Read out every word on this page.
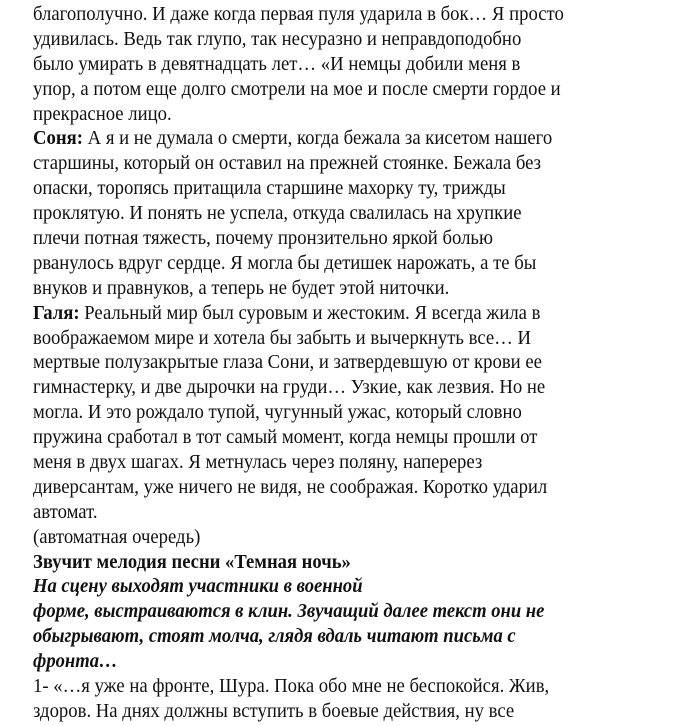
благополучно. И даже когда первая пуля ударила в бок… Я просто
удивилась. Ведь так глупо, так несуразно и неправдоподобно
было умирать в девятнадцать лет… «И немцы добили меня в
упор, а потом еще долго смотрели на мое и после смерти гордое и
прекрасное лицо.
Соня: А я и не думала о смерти, когда бежала за кисетом нашего
старшины, который он оставил на прежней стоянке. Бежала без
опаски, торопясь притащила старшине махорку ту, трижды
проклятую. И понять не успела, откуда свалилась на хрупкие
плечи потная тяжесть, почему пронзительно яркой болью
рванулось вдруг сердце. Я могла бы детишек нарожать, а те бы
внуков и правнуков, а теперь не будет этой ниточки.
Галя: Реальный мир был суровым и жестоким. Я всегда жила в
воображаемом мире и хотела бы забыть и вычеркнуть все… И
мертвые полузакрытые глаза Сони, и затвердевшую от крови ее
гимнастерку, и две дырочки на груди… Узкие, как лезвия. Но не
могла. И это рождало тупой, чугунный ужас, который словно
пружина сработал в тот самый момент, когда немцы прошли от
меня в двух шагах. Я метнулась через поляну, наперерез
диверсантам, уже ничего не видя, не соображая. Коротко ударил
автомат.
(автоматная очередь)
Звучит мелодия песни «Темная ночь»
На сцену выходят участники в военной
форме, выстраиваются в клин. Звучащий далее текст они не
обыгрывают, стоят молча, глядя вдаль читают письма с
фронта…
1- «…я уже на фронте, Шура. Пока обо мне не беспокойся. Жив,
здоров. На днях должны вступить в боевые действия, ну все
